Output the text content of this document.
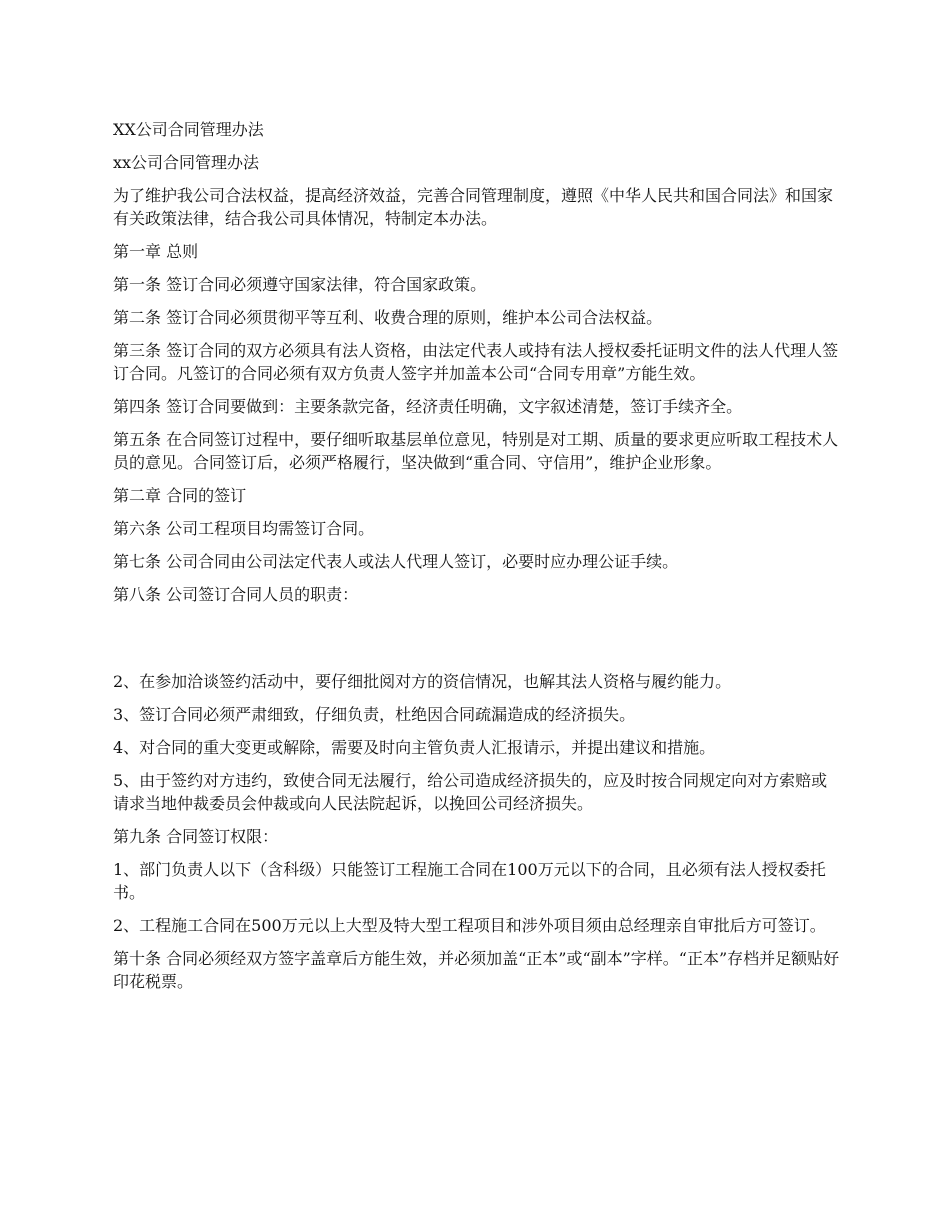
XX公司合同管理办法

xx公司合同管理办法

为了维护我公司合法权益，提高经济效益，完善合同管理制度，遵照《中华人民共和国合同法》和国家有关政策法律，结合我公司具体情况，特制定本办法。

第一章 总则

第一条 签订合同必须遵守国家法律，符合国家政策。

第二条 签订合同必须贯彻平等互利、收费合理的原则，维护本公司合法权益。

第三条 签订合同的双方必须具有法人资格，由法定代表人或持有法人授权委托证明文件的法人代理人签订合同。凡签订的合同必须有双方负责人签字并加盖本公司“合同专用章”方能生效。

第四条 签订合同要做到：主要条款完备，经济责任明确，文字叙述清楚，签订手续齐全。

第五条 在合同签订过程中，要仔细听取基层单位意见，特别是对工期、质量的要求更应听取工程技术人员的意见。合同签订后，必须严格履行，坚决做到“重合同、守信用”，维护企业形象。

第二章 合同的签订

第六条 公司工程项目均需签订合同。

第七条 公司合同由公司法定代表人或法人代理人签订，必要时应办理公证手续。

第八条 公司签订合同人员的职责：

2、在参加洽谈签约活动中，要仔细批阅对方的资信情况，也解其法人资格与履约能力。

3、签订合同必须严肃细致，仔细负责，杜绝因合同疏漏造成的经济损失。

4、对合同的重大变更或解除，需要及时向主管负责人汇报请示，并提出建议和措施。

5、由于签约对方违约，致使合同无法履行，给公司造成经济损失的，应及时按合同规定向对方索赔或请求当地仲裁委员会仲裁或向人民法院起诉，以挽回公司经济损失。

第九条 合同签订权限：

1、部门负责人以下（含科级）只能签订工程施工合同在100万元以下的合同，且必须有法人授权委托书。

2、工程施工合同在500万元以上大型及特大型工程项目和涉外项目须由总经理亲自审批后方可签订。

第十条 合同必须经双方签字盖章后方能生效，并必须加盖“正本”或“副本”字样。“正本”存档并足额贴好印花税票。
